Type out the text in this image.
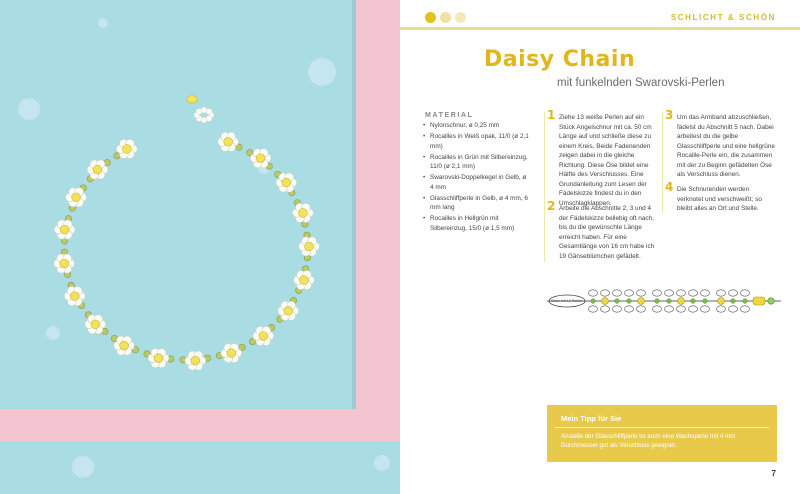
SCHLICHT & SCHÖN
Daisy Chain
mit funkelnden Swarovski-Perlen
MATERIAL
• Nylonschnur, ø 0,25 mm
• Rocailles in Weiß opak, 11/0 (ø 2,1 mm)
• Rocailles in Grün mit Silbereinzug, 11/0 (ø 2,1 mm)
• Swarovski-Doppelkegel in Gelb, ø 4 mm
• Glasschliffperle in Gelb, ø 4 mm, 6 mm lang
• Rocailles in Hellgrün mit Silbereinzug, 15/0 (ø 1,5 mm)
1 Ziehe 13 weiße Perlen auf ein Stück Angelschnur mit ca. 50 cm Länge auf und schließe diese zu einem Kreis. Beide Fadenenden zeigen dabei in die gleiche Richtung. Diese Öse bildet eine Hälfte des Verschlusses. Eine Grundanleitung zum Lesen der Fädelskizze findest du in den Umschlagklappen.
2 Arbeite die Abschnitte 2, 3 und 4 der Fädelskizze beliebig oft nach, bis du die gewünschte Länge erreicht haben. Für eine Gesamtlänge von 16 cm habe ich 19 Gänseblümchen gefädelt.
3 Um das Armband abzuschließen, fädelst du Abschnitt 5 nach. Dabei arbeitest du die gelbe Glasschliffperle und eine hellgrüne Rocaille-Perle ein, die zusammen mit der zu Beginn gefädelten Öse als Verschluss dienen.
4 Die Schnurenden werden verknotet und verschweißt; so bleibt alles an Ort und Stelle.
Stelle mit 13 Perlen
Mein Tipp für Sie
Anstelle der Glasschliffperle ist auch eine Wachsperle mit 4 mm Durchmesser gut als Verschluss geeignet.
7
